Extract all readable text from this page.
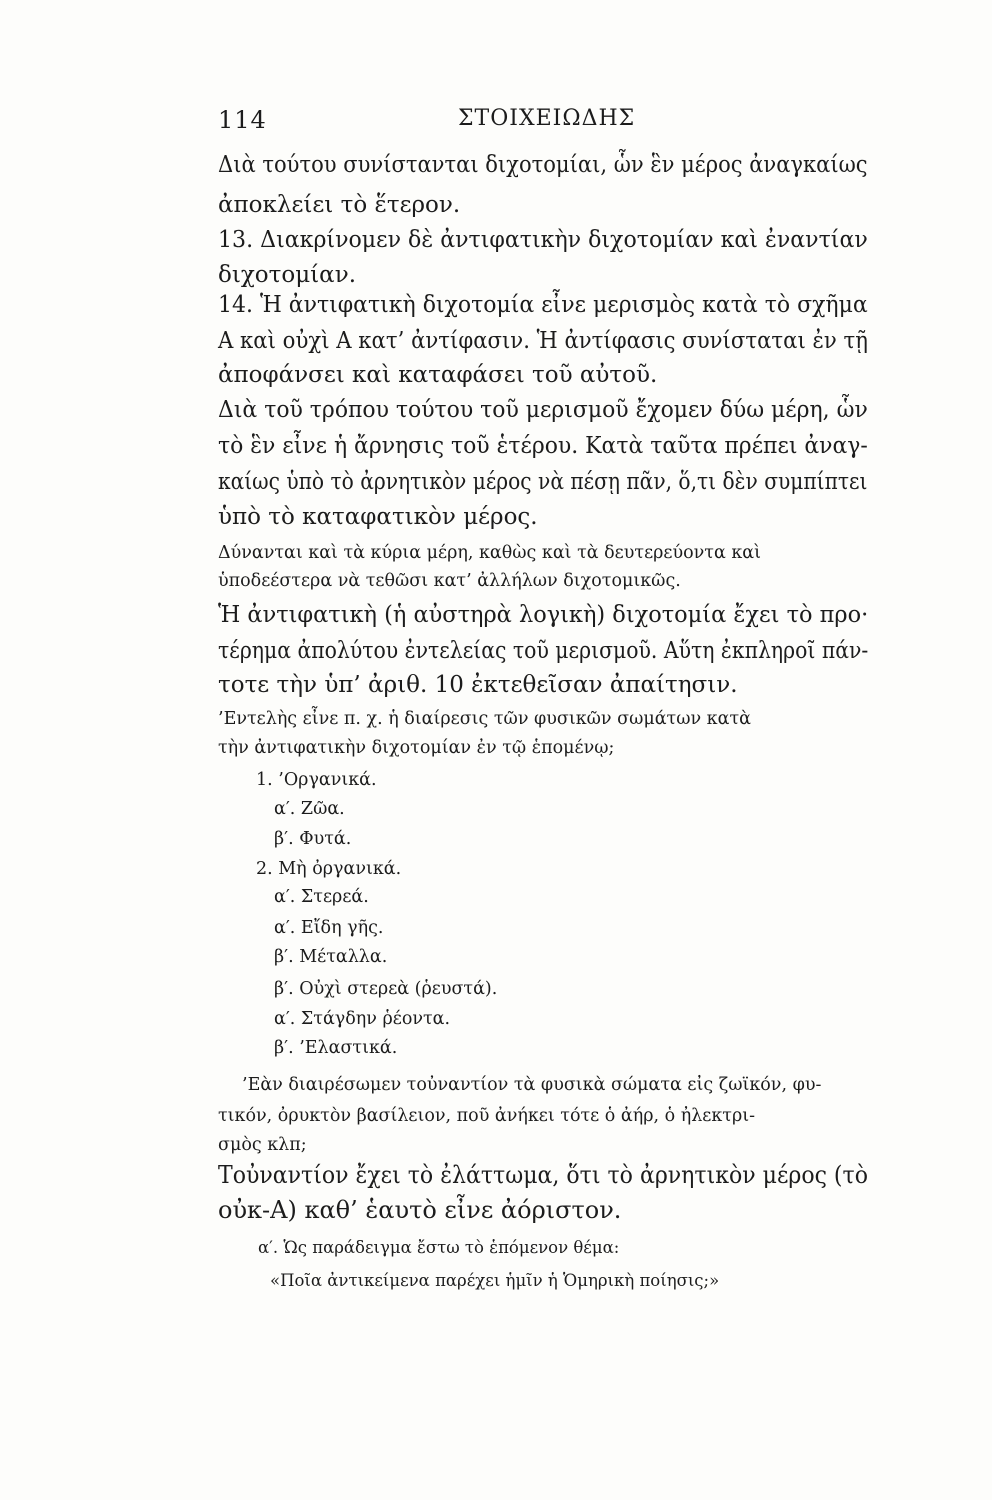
114	ΣΤΟΙΧΕΙΩΔΗΣ
Διὰ τούτου συνίστανται διχοτομίαι, ὧν ἓν μέρος ἀναγκαίως
ἀποκλείει τὸ ἕτερον.
13. Διακρίνομεν δὲ ἀντιφατικὴν διχοτομίαν καὶ ἐναντίαν
διχοτομίαν.
14. Ἡ ἀντιφατικὴ διχοτομία εἶνε μερισμὸς κατὰ τὸ σχῆμα
Α καὶ οὐχὶ Α κατ’ ἀντίφασιν. Ἡ ἀντίφασις συνίσταται ἐν τῇ
ἀποφάνσει καὶ καταφάσει τοῦ αὐτοῦ.
Διὰ τοῦ τρόπου τούτου τοῦ μερισμοῦ ἔχομεν δύω μέρη, ὧν
τὸ ἓν εἶνε ἡ ἄρνησις τοῦ ἑτέρου. Κατὰ ταῦτα πρέπει ἀναγ-
καίως ὑπὸ τὸ ἀρνητικὸν μέρος νὰ πέσῃ πᾶν, ὅ,τι δὲν συμπίπτει
ὑπὸ τὸ καταφατικὸν μέρος.
Δύνανται καὶ τὰ κύρια μέρη, καθὼς καὶ τὰ δευτερεύοντα καὶ
ὑποδεέστερα νὰ τεθῶσι κατ’ ἀλλήλων διχοτομικῶς.
Ἡ ἀντιφατικὴ (ἡ αὐστηρὰ λογικὴ) διχοτομία ἔχει τὸ προ·
τέρημα ἀπολύτου ἐντελείας τοῦ μερισμοῦ. Αὕτη ἐκπληροῖ πάν-
τοτε τὴν ὑπ’ ἀριθ. 10 ἐκτεθεῖσαν ἀπαίτησιν.
’Εντελὴς εἶνε π. χ. ἡ διαίρεσις τῶν φυσικῶν σωμάτων κατὰ
τὴν ἀντιφατικὴν διχοτομίαν ἐν τῷ ἑπομένῳ;
1. ’Οργανικά.
α′. Ζῶα.
β′. Φυτά.
2. Μὴ ὀργανικά.
α′. Στερεά.
α′. Εἴδη γῆς.
β′. Μέταλλα.
β′. Οὐχὶ στερεὰ (ῥευστά).
α′. Στάγδην ῥέοντα.
β′. ’Ελαστικά.
’Εὰν διαιρέσωμεν τοὐναντίον τὰ φυσικὰ σώματα εἰς ζωϊκόν, φυ-
τικόν, ὀρυκτὸν βασίλειον, ποῦ ἀνήκει τότε ὁ ἀήρ, ὁ ἠλεκτρι-
σμὸς κλπ;
Τοὐναντίον ἔχει τὸ ἐλάττωμα, ὅτι τὸ ἀρνητικὸν μέρος (τὸ
οὐκ-Α) καθ’ ἑαυτὸ εἶνε ἀόριστον.
α′. Ὡς παράδειγμα ἔστω τὸ ἑπόμενον θέμα:
«Ποῖα ἀντικείμενα παρέχει ἡμῖν ἡ Ὁμηρικὴ ποίησις;»
